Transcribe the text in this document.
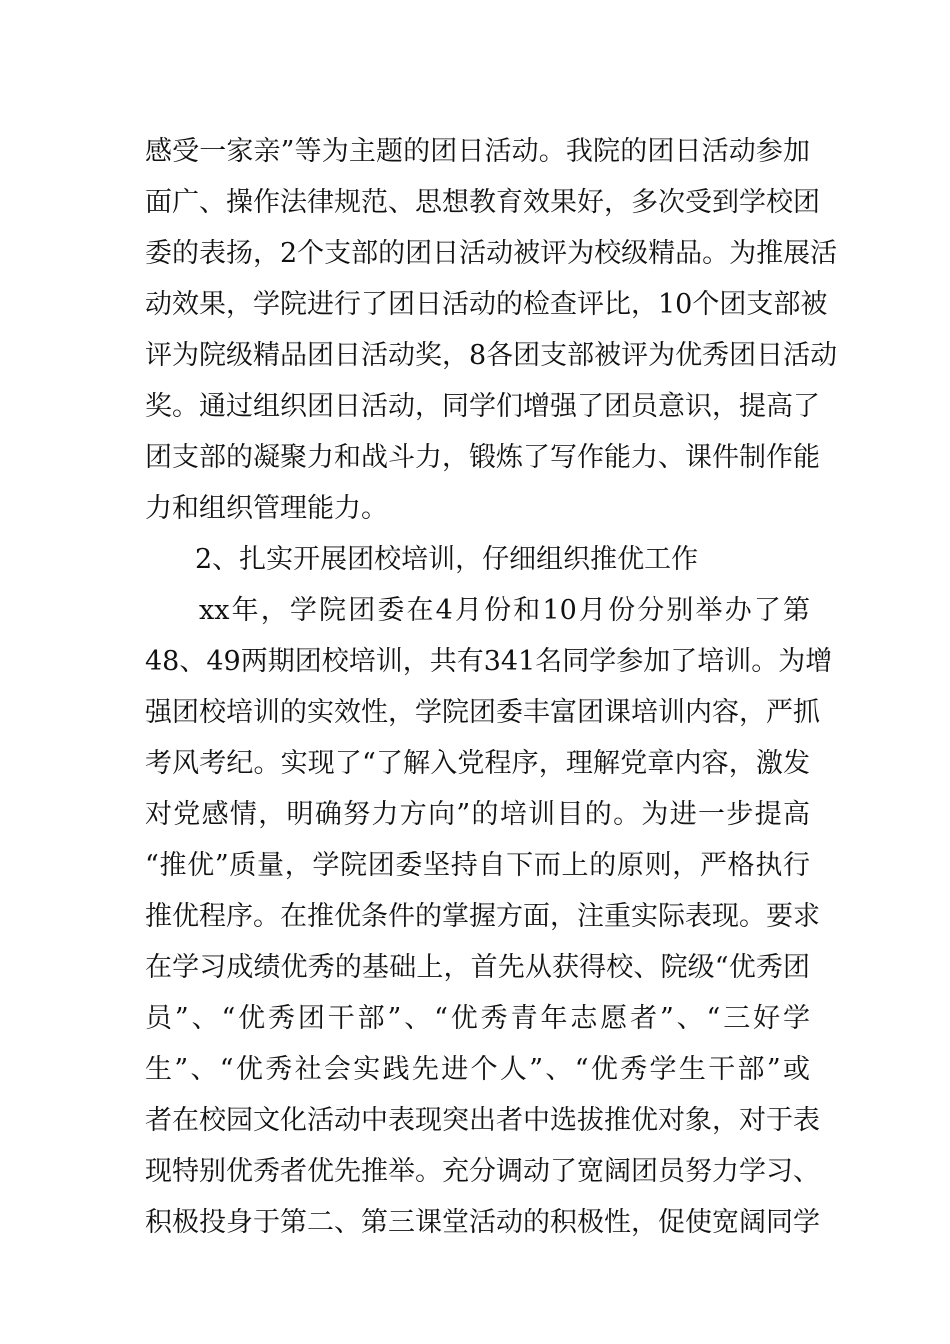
感受一家亲”等为主题的团日活动。我院的团日活动参加
面广、操作法律规范、思想教育效果好，多次受到学校团
委的表扬，2个支部的团日活动被评为校级精品。为推展活
动效果，学院进行了团日活动的检查评比，10个团支部被
评为院级精品团日活动奖，8各团支部被评为优秀团日活动
奖。通过组织团日活动，同学们增强了团员意识，提高了
团支部的凝聚力和战斗力，锻炼了写作能力、课件制作能
力和组织管理能力。
2、扎实开展团校培训，仔细组织推优工作
xx年，学院团委在4月份和10月份分别举办了第
48、49两期团校培训，共有341名同学参加了培训。为增
强团校培训的实效性，学院团委丰富团课培训内容，严抓
考风考纪。实现了“了解入党程序，理解党章内容，激发
对党感情，明确努力方向”的培训目的。为进一步提高
“推优”质量，学院团委坚持自下而上的原则，严格执行
推优程序。在推优条件的掌握方面，注重实际表现。要求
在学习成绩优秀的基础上，首先从获得校、院级“优秀团
员”、“优秀团干部”、“优秀青年志愿者”、“三好学
生”、“优秀社会实践先进个人”、“优秀学生干部”或
者在校园文化活动中表现突出者中选拔推优对象，对于表
现特别优秀者优先推举。充分调动了宽阔团员努力学习、
积极投身于第二、第三课堂活动的积极性，促使宽阔同学
